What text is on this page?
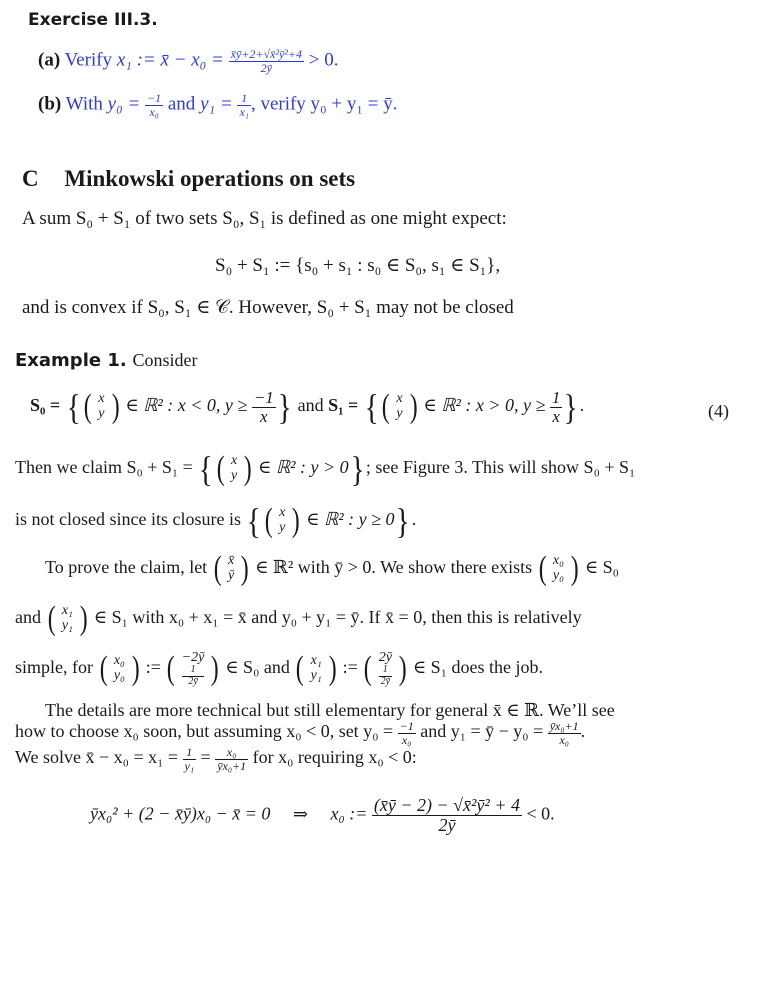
Exercise III.3.
(a) Verify x₁ := x̄ − $x_0 = \frac{\text{x̄ȳ+2+√x̄²ȳ²+4}}{2ȳ} > 0$.
(b) With $y_0 = \frac{-1}{\text{x₀}}$ and $y_1 = \frac{1}{\text{x₁}}$ , verify y₀ + y₁ = ȳ.
C Minkowski operations on sets
A sum S₀ + S₁ of two sets S₀, S₁ is defined as one might expect:
S₀ + S₁ := {s₀ + s₁ : s₀ ∈ S₀, s₁ ∈ S₁},
and is convex if S₀, S₁ ∈ 𝒞. However, S₀ + S₁ may not be closed
Example 1. Consider
S₀ = { ( x
y ) ∈ ℝ² : x < 0, $y \ge \frac{-1}{x}$ } and S₁ = { ( x
y ) ∈ ℝ² : x > 0, $y \ge \frac{1}{x}$ }.	(4)
Then we claim S₀ + S₁ = { ( x
y ) ∈ ℝ² : y > 0}; see Figure 3. This will show S₀ + S₁
is not closed since its closure is { ( x
y ) ∈ ℝ² : y ≥ 0}.
To prove the claim, let ( x̄
ȳ ) ∈ ℝ² with ȳ > 0. We show there exists ( x₀
y₀ ) ∈ S₀
and ( x₁
y₁ ) ∈ S₁ with x₀ + x₁ = x̄ and y₀ + y₁ = ȳ. If x̄ = 0, then this is relatively
simple, for ( x₀
y₀ ) := ( −2ȳ
1
2ȳ ) ∈ S₀ and ( x₁
y₁ ) := ( 2ȳ
1
2ȳ ) ∈ S₁ does the job.
The details are more technical but still elementary for general x̄ ∈ ℝ. We’ll see
how to choose x₀ soon, but assuming x₀ < 0, set $y_0 = \frac{-1}{\text{x₀}}$ and y₁ = ȳ − $y_0 = \frac{\text{ȳx₀+1}}{\text{x₀}}$ .
We solve x̄ − $x_0 = x_1 = \frac{1}{\text{y₁}} = \frac{\text{x₀}}{\text{ȳx₀+1}}$ for x₀ requiring x₀ < 0:
ȳx₀² + (2 − x̄ȳ)x₀ − x̄ = 0 ⇒ x₀ := $\frac{\text{(x̄ȳ − 2) − √x̄²ȳ² + 4}}{2ȳ} < 0$.
